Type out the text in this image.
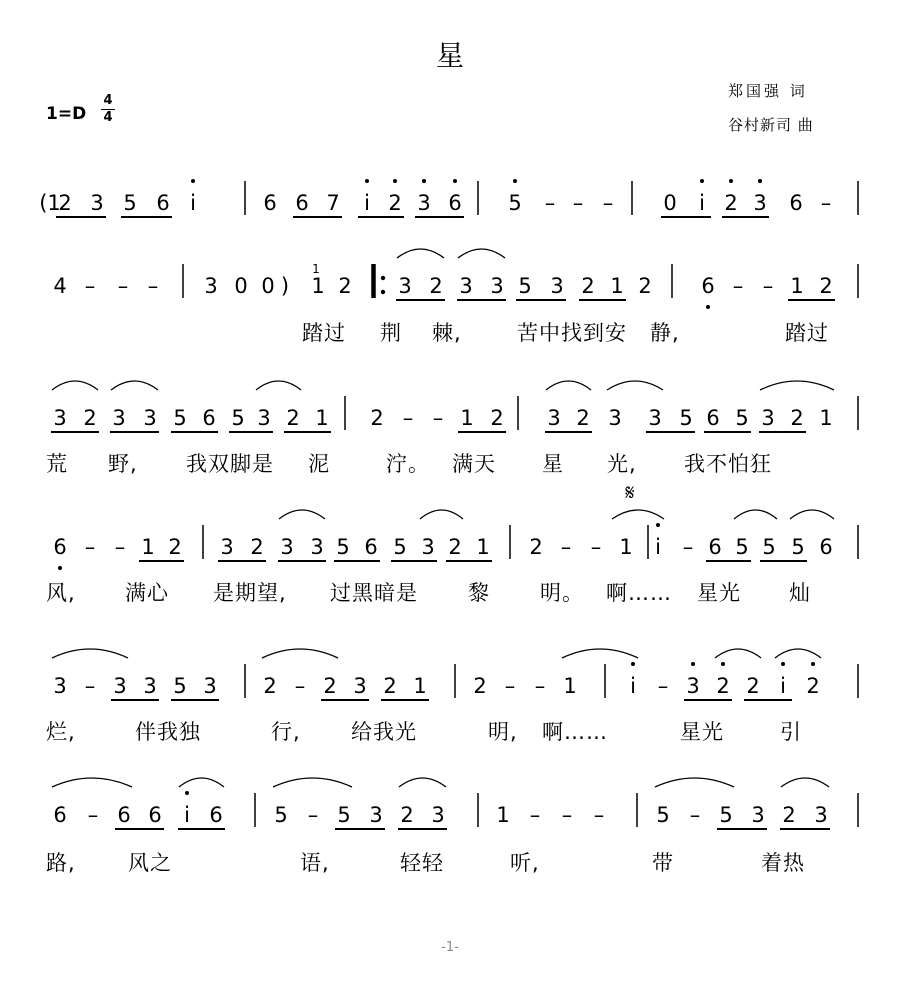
星
1=D
4
4
郑国强 词
谷村新司 曲
(1
2 3 5 6 i	6 6 7 i 2 3 6 5 – – – 0 i 2 3 6 –
4 – – – 3 0 0 ) 1 2 3 2 3 3 5 3 2 1 2 6 – – 1 2
3 2 3 3 5 6 5 3 2 1 2 – – 1 2 3 2 3 3 5 6 5 3 2 1
6 – – 1 2 3 2 3 3 5 6 5 3 2 1 2 – – 1 i – 6 5 5 5 6
3 – 3 3 5 3 2 – 2 3 2 1 2 – – 1	i – 3 2 2 i 2
6 – 6 6 i 6 5 – 5 3 2 3 1 – – – 5 – 5 3 2 3
1
𝄋
踏过 荆 棘,	苦中找到安 静,	踏过
荒 野, 我双脚是 泥	泞。 满天 星 光, 我不怕狂
风, 满心 是期望, 过黑暗是 黎 明。 啊…… 星光 灿
烂,	伴我独	行, 给我光	明, 啊……	星光	引
路, 风之	语,	轻轻	听,	带	着热
-1-
